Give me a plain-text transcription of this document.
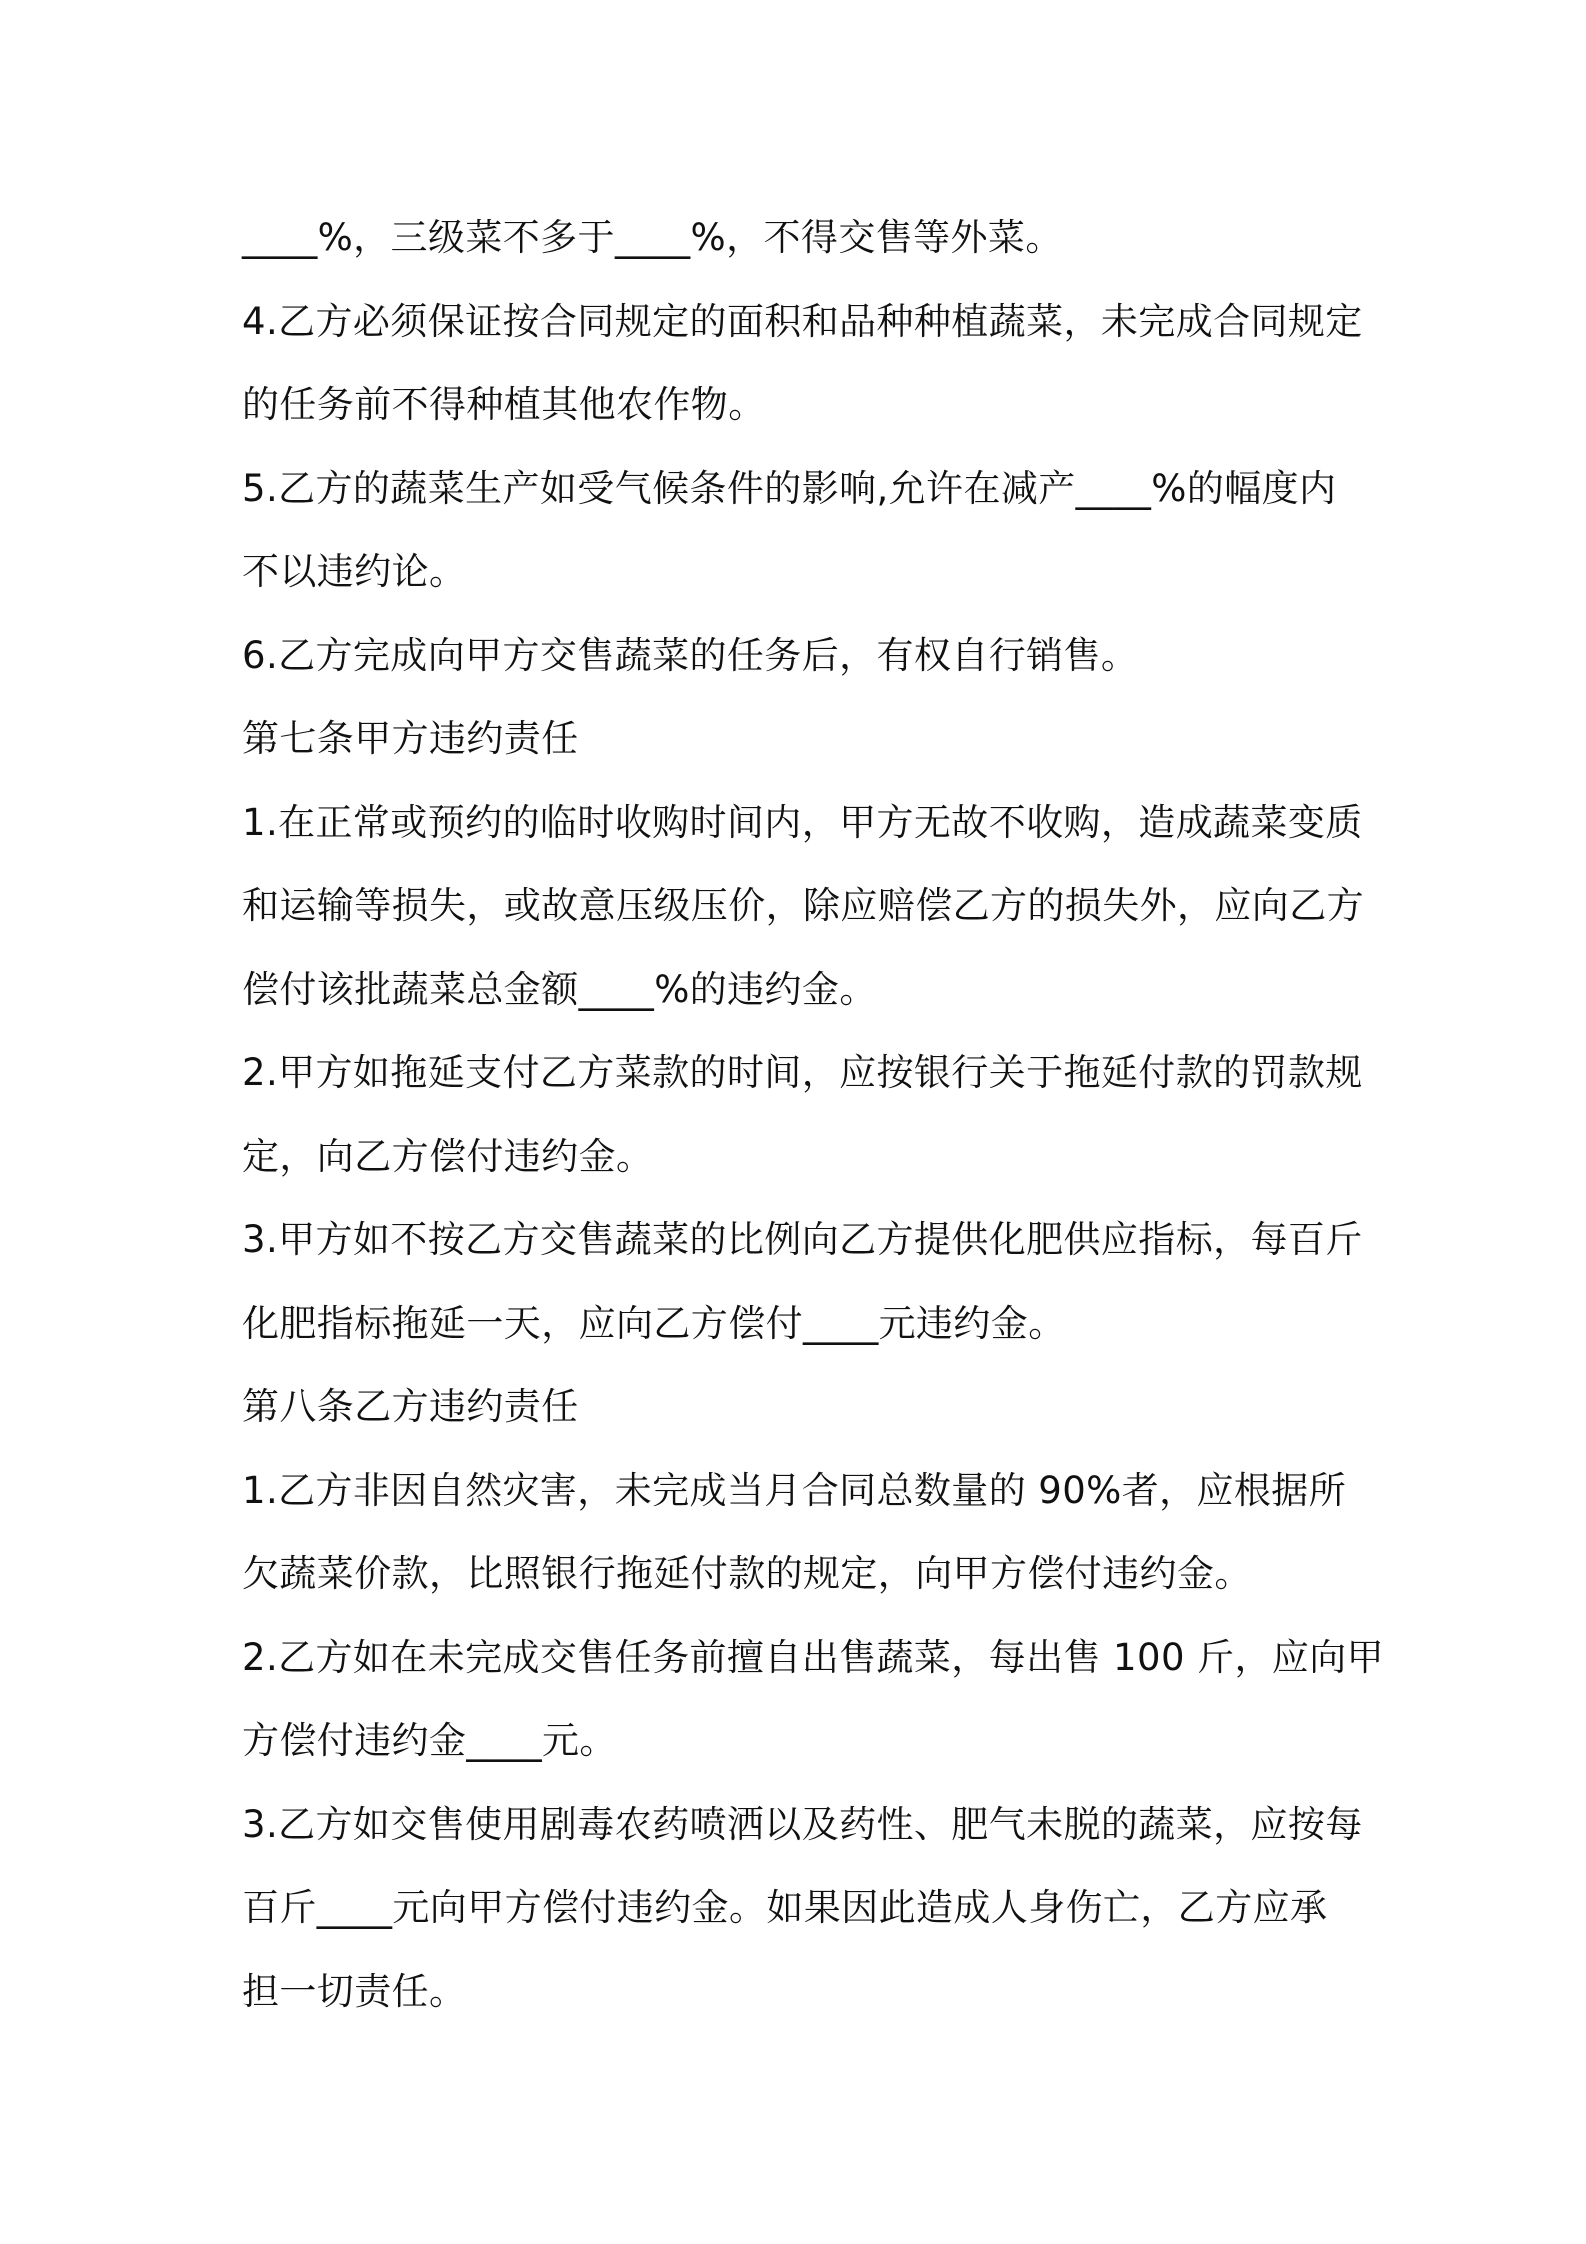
____%，三级菜不多于____%，不得交售等外菜。
4.乙方必须保证按合同规定的面积和品种种植蔬菜，未完成合同规定
的任务前不得种植其他农作物。
5.乙方的蔬菜生产如受气候条件的影响,允许在减产____%的幅度内
不以违约论。
6.乙方完成向甲方交售蔬菜的任务后，有权自行销售。
第七条甲方违约责任
1.在正常或预约的临时收购时间内，甲方无故不收购，造成蔬菜变质
和运输等损失，或故意压级压价，除应赔偿乙方的损失外，应向乙方
偿付该批蔬菜总金额____%的违约金。
2.甲方如拖延支付乙方菜款的时间，应按银行关于拖延付款的罚款规
定，向乙方偿付违约金。
3.甲方如不按乙方交售蔬菜的比例向乙方提供化肥供应指标，每百斤
化肥指标拖延一天，应向乙方偿付____元违约金。
第八条乙方违约责任
1.乙方非因自然灾害，未完成当月合同总数量的 90%者，应根据所
欠蔬菜价款，比照银行拖延付款的规定，向甲方偿付违约金。
2.乙方如在未完成交售任务前擅自出售蔬菜，每出售 100 斤，应向甲
方偿付违约金____元。
3.乙方如交售使用剧毒农药喷洒以及药性、肥气未脱的蔬菜，应按每
百斤____元向甲方偿付违约金。如果因此造成人身伤亡，乙方应承
担一切责任。
